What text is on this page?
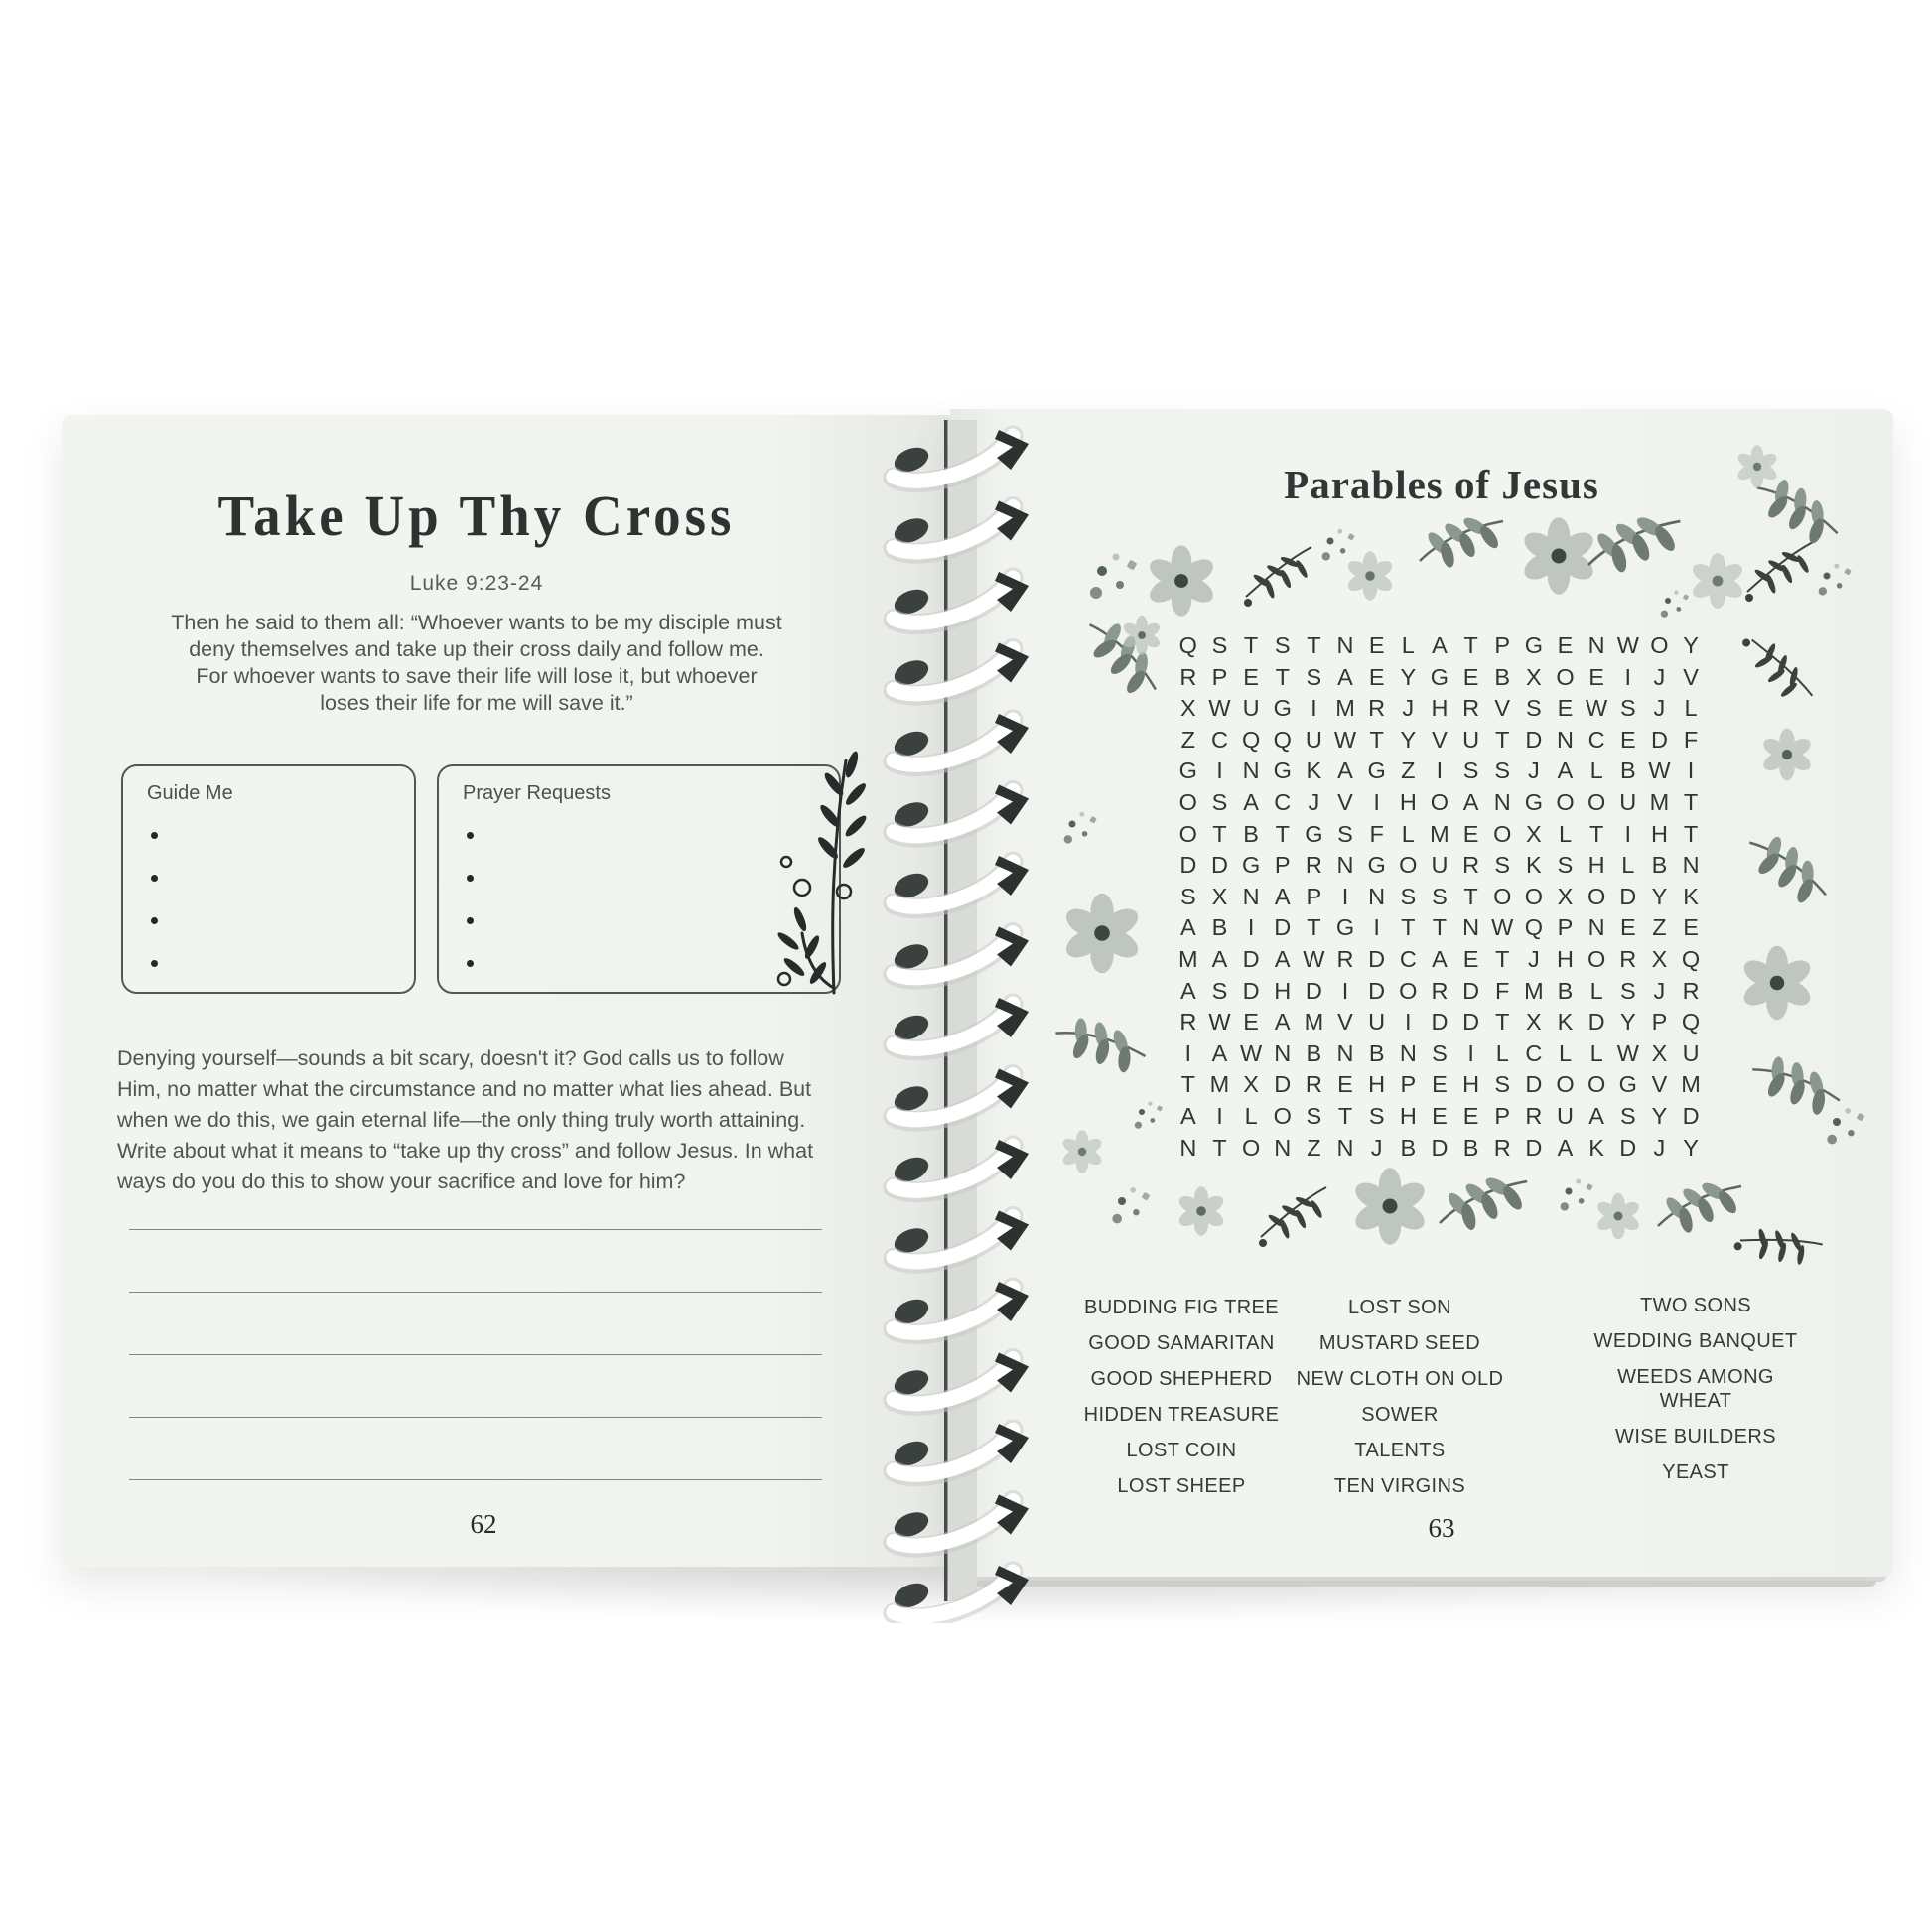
Take Up Thy Cross
Luke 9:23-24
Then he said to them all: “Whoever wants to be my disciple must
deny themselves and take up their cross daily and follow me.
For whoever wants to save their life will lose it, but whoever
loses their life for me will save it.”
Guide Me	Prayer Requests
Denying yourself—sounds a bit scary, doesn't it? God calls us to follow
Him, no matter what the circumstance and no matter what lies ahead. But
when we do this, we gain eternal life—the only thing truly worth attaining.
Write about what it means to “take up thy cross” and follow Jesus. In what
ways do you do this to show your sacrifice and love for him?
62
Parables of Jesus
Q S T S T N E L A T P G E N W O Y
R P E T S A E Y G E B X O E I J V
X W U G I M R J H R V S E W S J L
Z C Q Q U W T Y V U T D N C E D F
G I N G K A G Z I S S J A L B W I
O S A C J V I H O A N G O O U M T
O T B T G S F L M E O X L T I H T
D D G P R N G O U R S K S H L B N
S X N A P I N S S T O O X O D Y K
A B I D T G I T T N W Q P N E Z E
M A D A W R D C A E T J H O R X Q
A S D H D I D O R D F M B L S J R
R W E A M V U I D D T X K D Y P Q
I A W N B N B N S I L C L L W X U
T M X D R E H P E H S D O O G V M
A I L O S T S H E E P R U A S Y D
N T O N Z N J B D B R D A K D J Y
BUDDING FIG TREE
GOOD SAMARITAN
GOOD SHEPHERD
HIDDEN TREASURE
LOST COIN
LOST SHEEP
LOST SON
MUSTARD SEED
NEW CLOTH ON OLD
SOWER
TALENTS
TEN VIRGINS
TWO SONS
WEDDING BANQUET
WEEDS AMONG WHEAT
WISE BUILDERS
YEAST
63
